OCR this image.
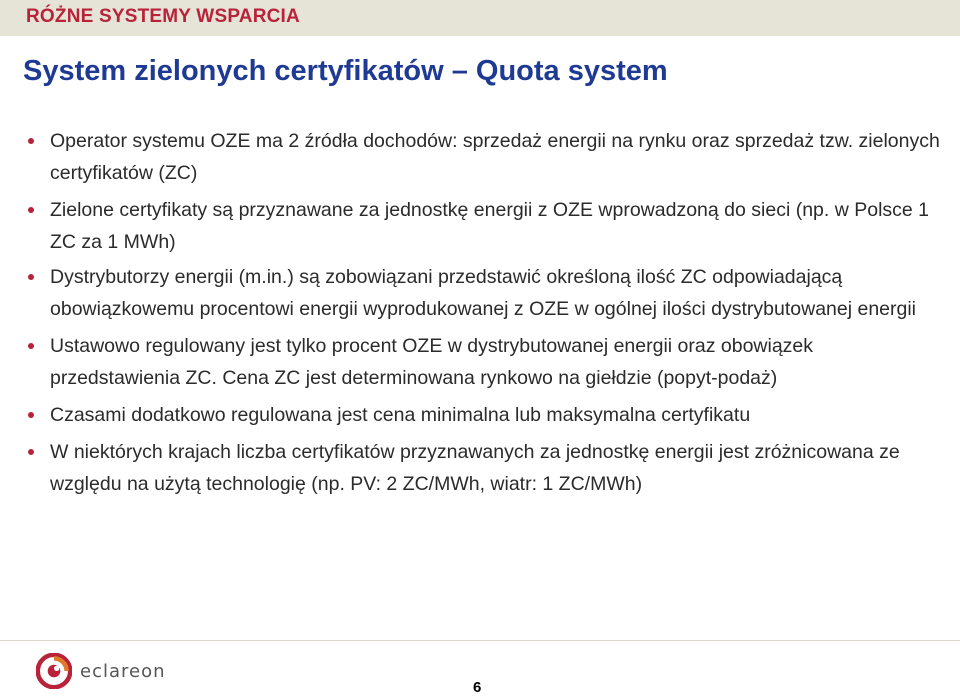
RÓŻNE SYSTEMY WSPARCIA
System zielonych certyfikatów – Quota system
Operator systemu OZE ma 2 źródła dochodów: sprzedaż energii na rynku oraz sprzedaż tzw. zielonych certyfikatów (ZC)
Zielone certyfikaty są przyznawane za jednostkę energii z OZE wprowadzoną do sieci (np. w Polsce 1 ZC za 1 MWh)
Dystrybutorzy energii (m.in.) są zobowiązani przedstawić określoną ilość ZC odpowiadającą obowiązkowemu procentowi energii wyprodukowanej z OZE w ogólnej ilości dystrybutowanej energii
Ustawowo regulowany jest tylko procent OZE w dystrybutowanej energii oraz obowiązek przedstawienia ZC. Cena ZC jest determinowana rynkowo na giełdzie (popyt-podaż)
Czasami dodatkowo regulowana jest cena minimalna lub maksymalna certyfikatu
W niektórych krajach liczba certyfikatów przyznawanych za jednostkę energii jest zróżnicowana ze względu na użytą technologię (np. PV: 2 ZC/MWh, wiatr: 1 ZC/MWh)
eclareon
6
